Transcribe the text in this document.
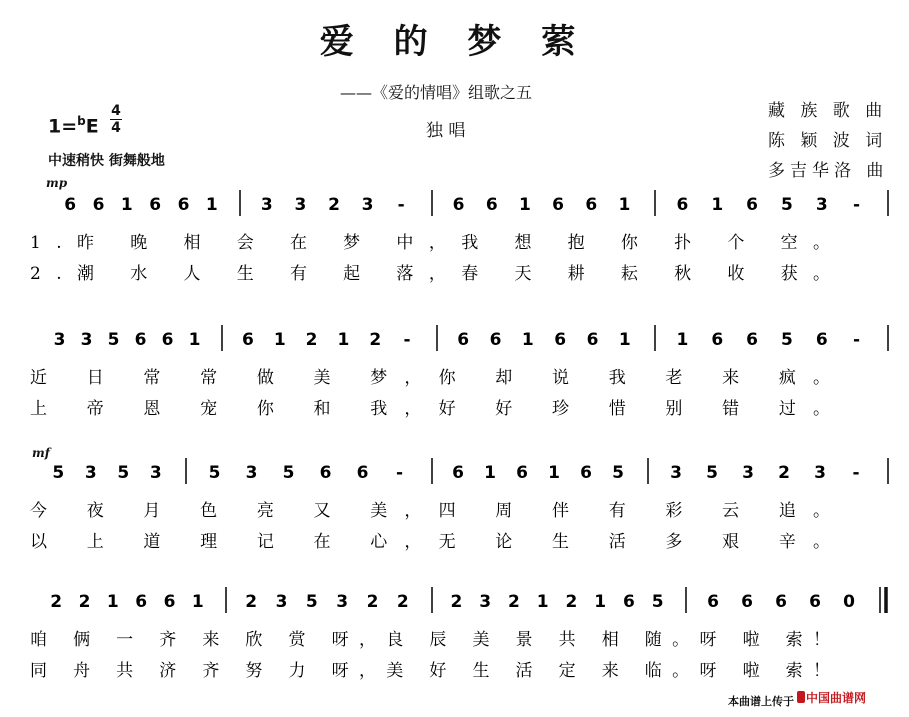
爱 的 梦 萦
——《爱的情唱》组歌之五
独 唱
1=$^b$E
4
4
中速稍快 街舞般地
藏 族 歌 曲
陈 颖 波 词
多吉华洛 曲
mp
mf
6 6 1 6 6 1	3 3 2 3 -	6 6 1 6 6 1	6 1 6 5 3 -
3 3 5 6 6 1 6 1 2 1 2 -	6 6 1 6 6 1	1 6 6 5 6 -
5 3 5 3	5 3 5 6 6 -	6 1 6 1 6 5	3 5 3 2 3 -
2 2 1 6 6 1 2 3 5 3 2 2 2 3 2 1 2 1 6 5	6 6 6 6 0
1.昨 晚 相 会 在 梦 中，我 想 抱 你 扑 个 空。
2.潮 水 人 生 有 起 落，春 天 耕 耘 秋 收 获。
近 日 常 常 做 美 梦，你 却 说 我 老 来 疯。
上 帝 恩 宠 你 和 我，好 好 珍 惜 别 错 过。
今 夜 月 色 亮 又 美，四 周 伴 有 彩 云 追。
以 上 道 理 记 在 心，无 论 生 活 多 艰 辛。
咱 俩 一 齐 来 欣 赏 呀，良 辰 美 景 共 相 随。呀 啦 索！
同 舟 共 济 齐 努 力 呀，美 好 生 活 定 来 临。呀 啦 索！
本曲谱上传于 中国曲谱网
